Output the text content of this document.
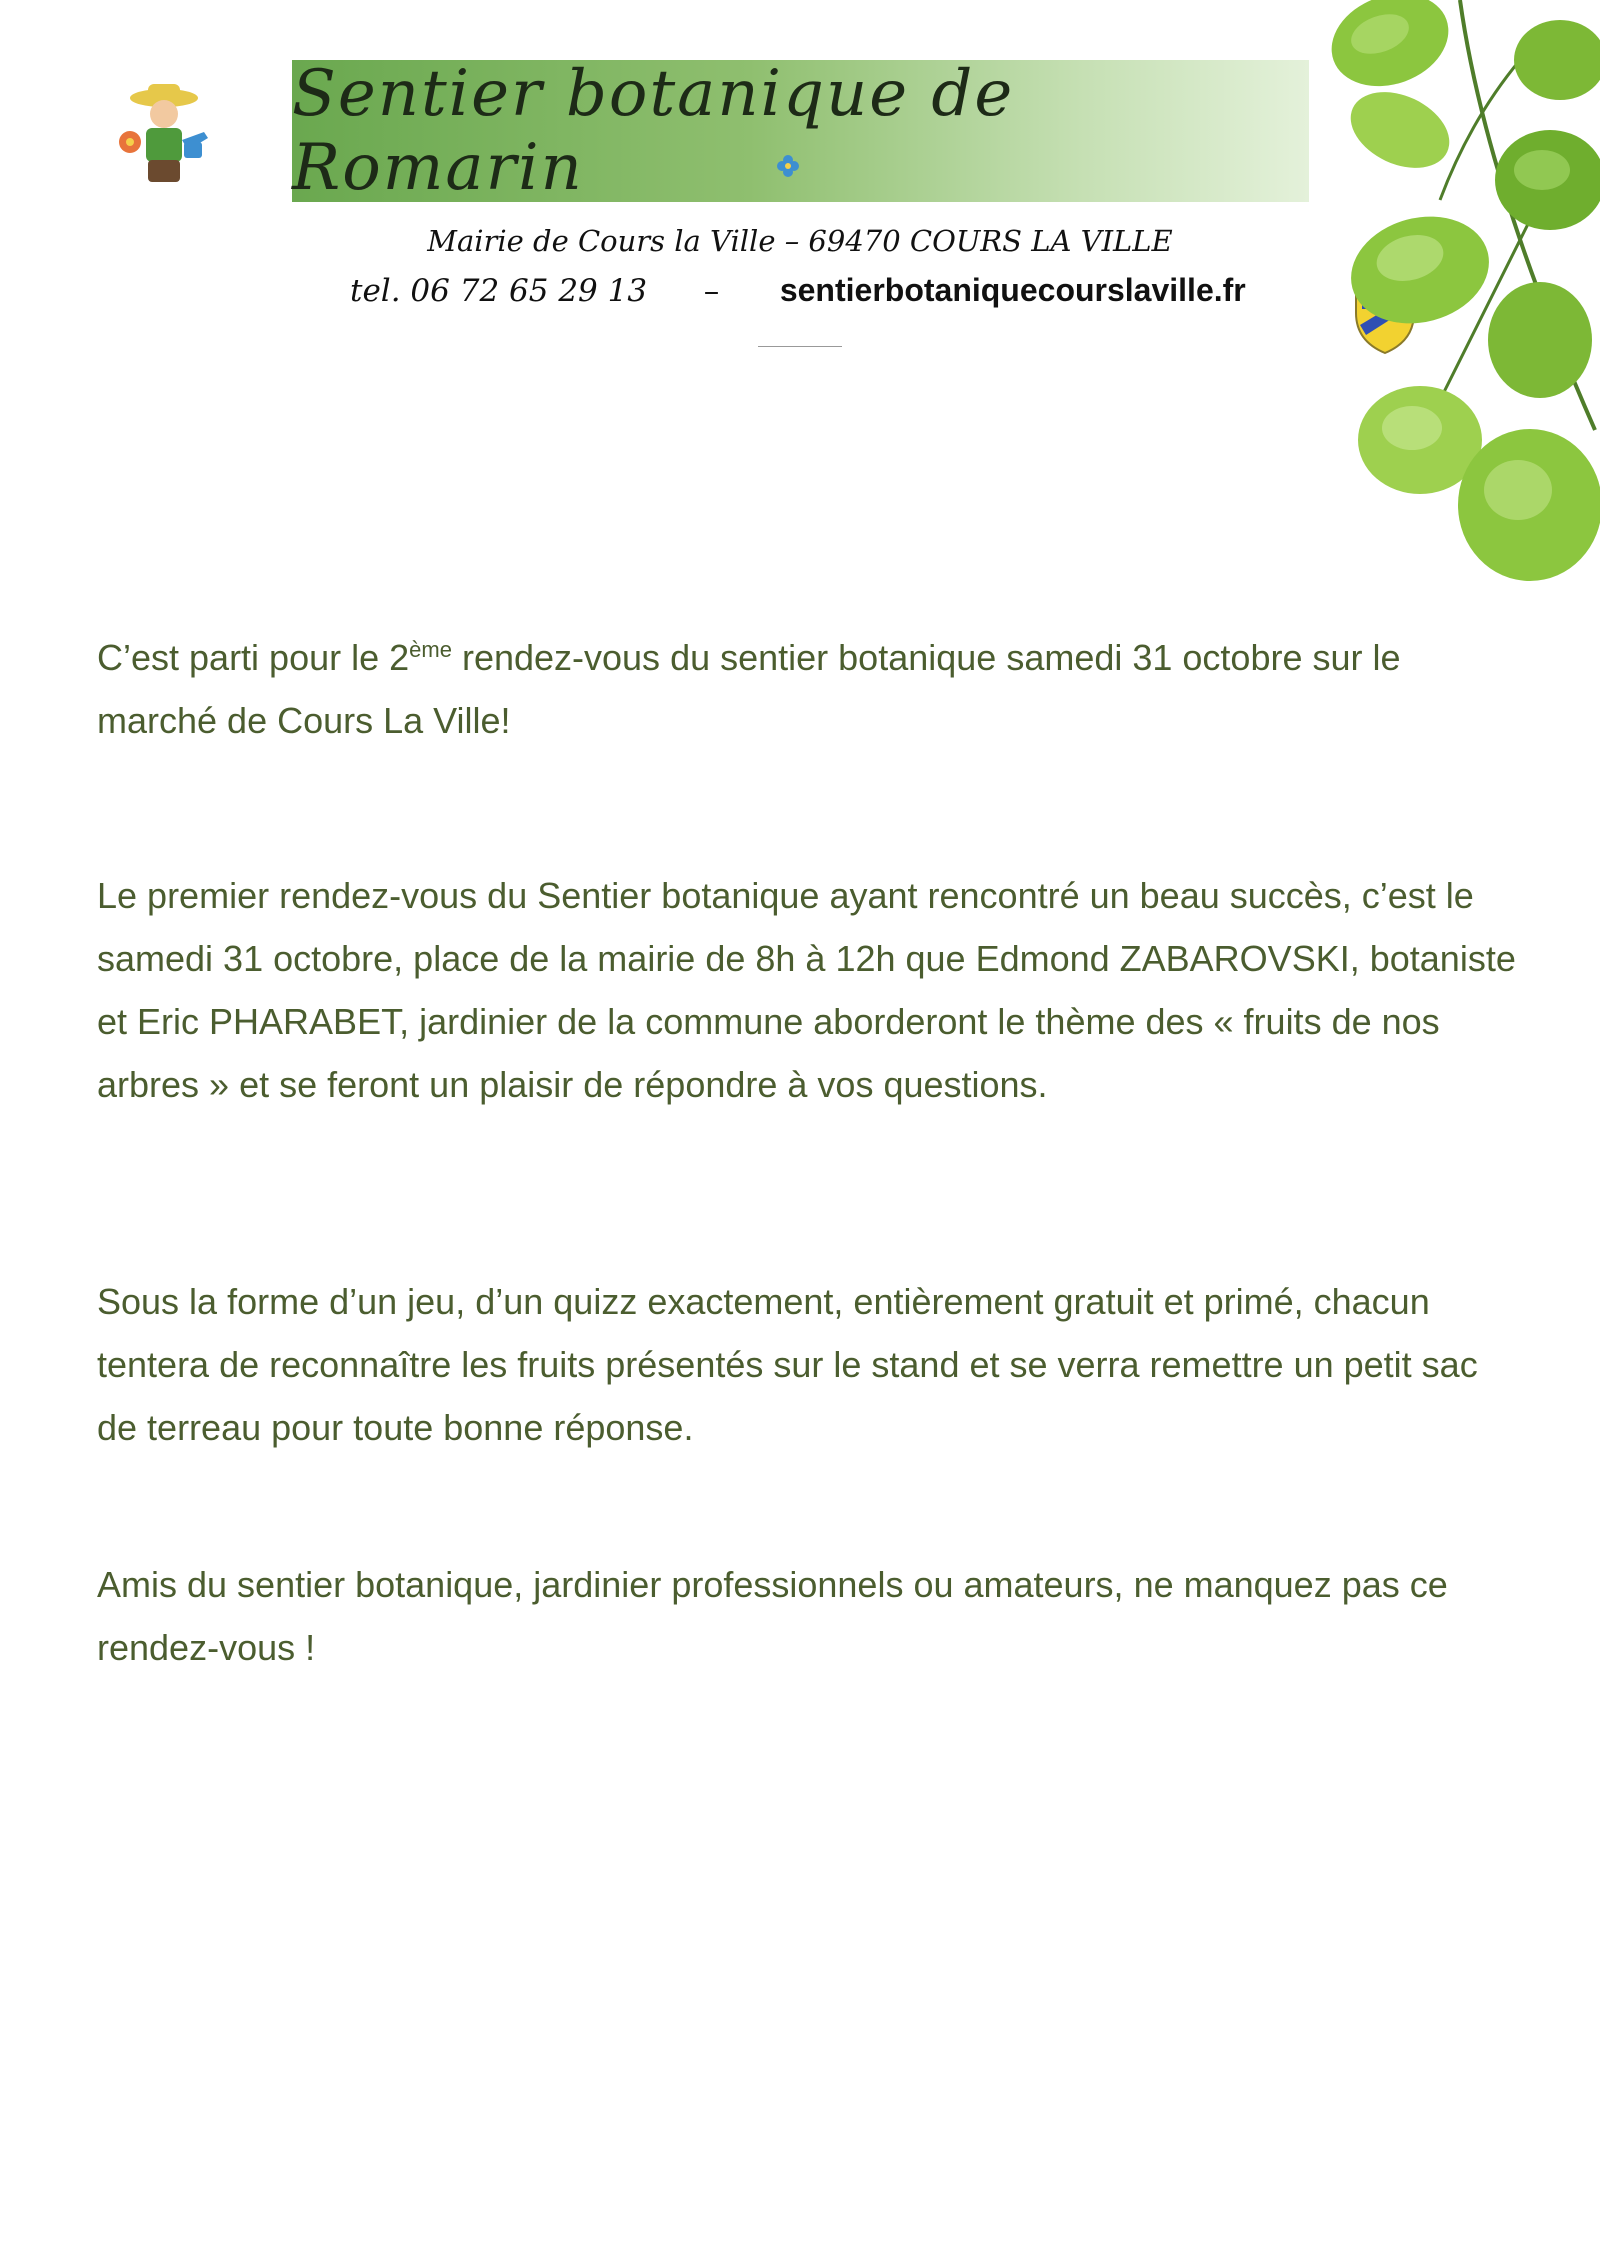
Sentier botanique de Romarin
Mairie de Cours la Ville – 69470 COURS LA VILLE
tel. 06 72 65 29 13 – sentierbotaniquecourslaville.fr

C’est parti pour le 2ème rendez-vous du sentier botanique samedi 31 octobre sur le marché de Cours La Ville!

Le premier rendez-vous du Sentier botanique ayant rencontré un beau succès, c’est le samedi 31 octobre, place de la mairie de 8h à 12h que Edmond ZABAROVSKI, botaniste et Eric PHARABET, jardinier de la commune aborderont le thème des « fruits de nos arbres » et se feront un plaisir de répondre à vos questions.

Sous la forme d’un jeu, d’un quizz exactement, entièrement gratuit et primé, chacun tentera de reconnaître les fruits présentés sur le stand et se verra remettre un petit sac de terreau pour toute bonne réponse.

Amis du sentier botanique, jardinier professionnels ou amateurs, ne manquez pas ce rendez-vous !
